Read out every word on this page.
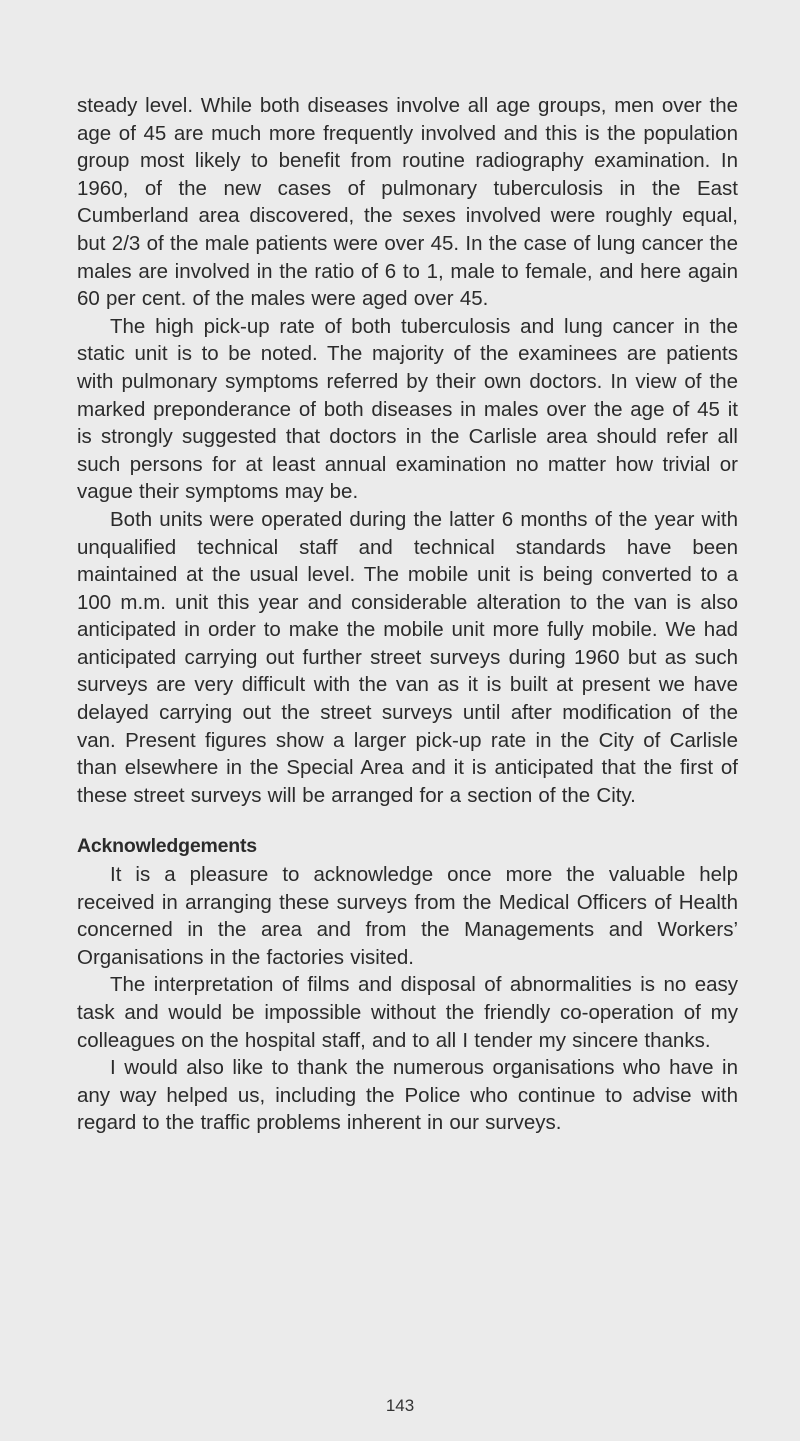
steady level. While both diseases involve all age groups, men over the age of 45 are much more frequently involved and this is the population group most likely to benefit from routine radiography examination. In 1960, of the new cases of pulmonary tuberculosis in the East Cumberland area discovered, the sexes involved were roughly equal, but 2/3 of the male patients were over 45. In the case of lung cancer the males are involved in the ratio of 6 to 1, male to female, and here again 60 per cent. of the males were aged over 45.

The high pick-up rate of both tuberculosis and lung cancer in the static unit is to be noted. The majority of the examinees are patients with pulmonary symptoms referred by their own doctors. In view of the marked preponderance of both diseases in males over the age of 45 it is strongly suggested that doctors in the Carlisle area should refer all such persons for at least annual examination no matter how trivial or vague their symptoms may be.

Both units were operated during the latter 6 months of the year with unqualified technical staff and technical standards have been maintained at the usual level. The mobile unit is being converted to a 100 m.m. unit this year and considerable alteration to the van is also anticipated in order to make the mobile unit more fully mobile. We had anticipated carrying out further street surveys during 1960 but as such surveys are very difficult with the van as it is built at present we have delayed carrying out the street surveys until after modification of the van. Present figures show a larger pick-up rate in the City of Carlisle than elsewhere in the Special Area and it is anticipated that the first of these street surveys will be arranged for a section of the City.

Acknowledgements

It is a pleasure to acknowledge once more the valuable help received in arranging these surveys from the Medical Officers of Health concerned in the area and from the Managements and Workers’ Organisations in the factories visited.

The interpretation of films and disposal of abnormalities is no easy task and would be impossible without the friendly co-operation of my colleagues on the hospital staff, and to all I tender my sincere thanks.

I would also like to thank the numerous organisations who have in any way helped us, including the Police who continue to advise with regard to the traffic problems inherent in our surveys.

143
